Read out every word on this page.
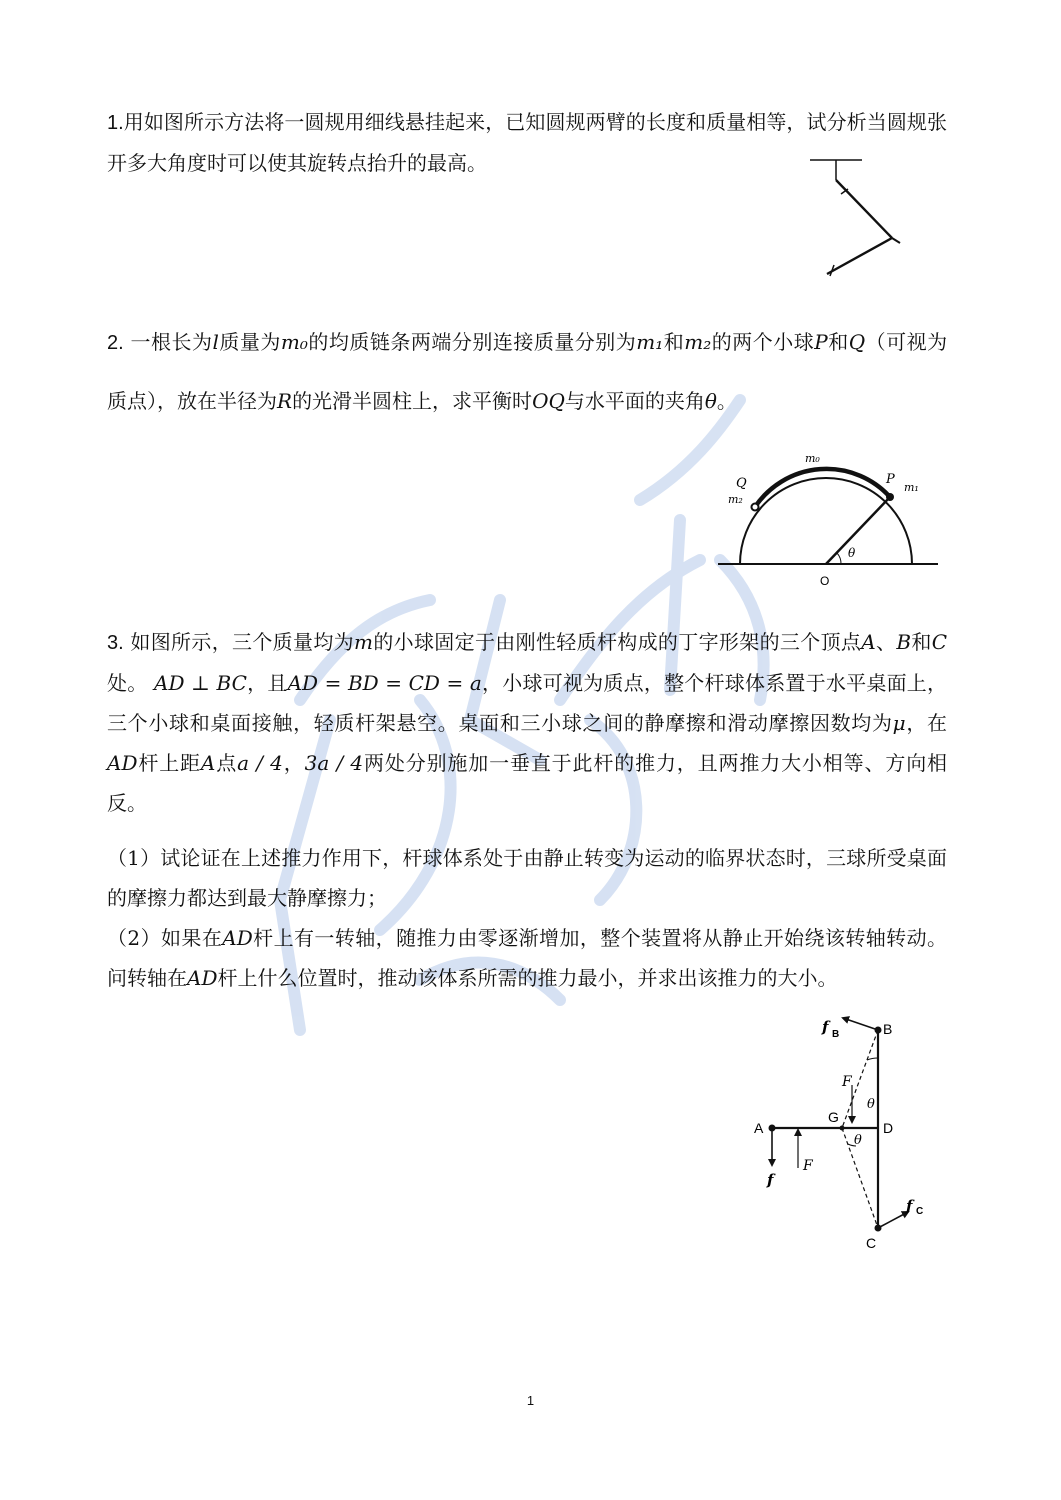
1.用如图所示方法将一圆规用细线悬挂起来，已知圆规两臂的长度和质量相等，试分析当圆规张开多大角度时可以使其旋转点抬升的最高。
2. 一根长为l质量为m₀的均质链条两端分别连接质量分别为m₁和m₂的两个小球P和Q（可视为质点），放在半径为R的光滑半圆柱上，求平衡时OQ与水平面的夹角θ。
m₀
P
m₁
Q
m₂
θ
O
3. 如图所示，三个质量均为m的小球固定于由刚性轻质杆构成的丁字形架的三个顶点A、B和C处。 AD ⊥ BC，且AD = BD = CD = a，小球可视为质点，整个杆球体系置于水平桌面上，三个小球和桌面接触，轻质杆架悬空。桌面和三小球之间的静摩擦和滑动摩擦因数均为μ，在AD杆上距A点a / 4，3a / 4两处分别施加一垂直于此杆的推力，且两推力大小相等、方向相反。
（1）试论证在上述推力作用下，杆球体系处于由静止转变为运动的临界状态时，三球所受桌面的摩擦力都达到最大静摩擦力；
（2）如果在AD杆上有一转轴，随推力由零逐渐增加，整个装置将从静止开始绕该转轴转动。问转轴在AD杆上什么位置时，推动该体系所需的推力最小，并求出该推力的大小。
f B	B
F
θ
G
A	D
θ
f
F
f C
C
1
